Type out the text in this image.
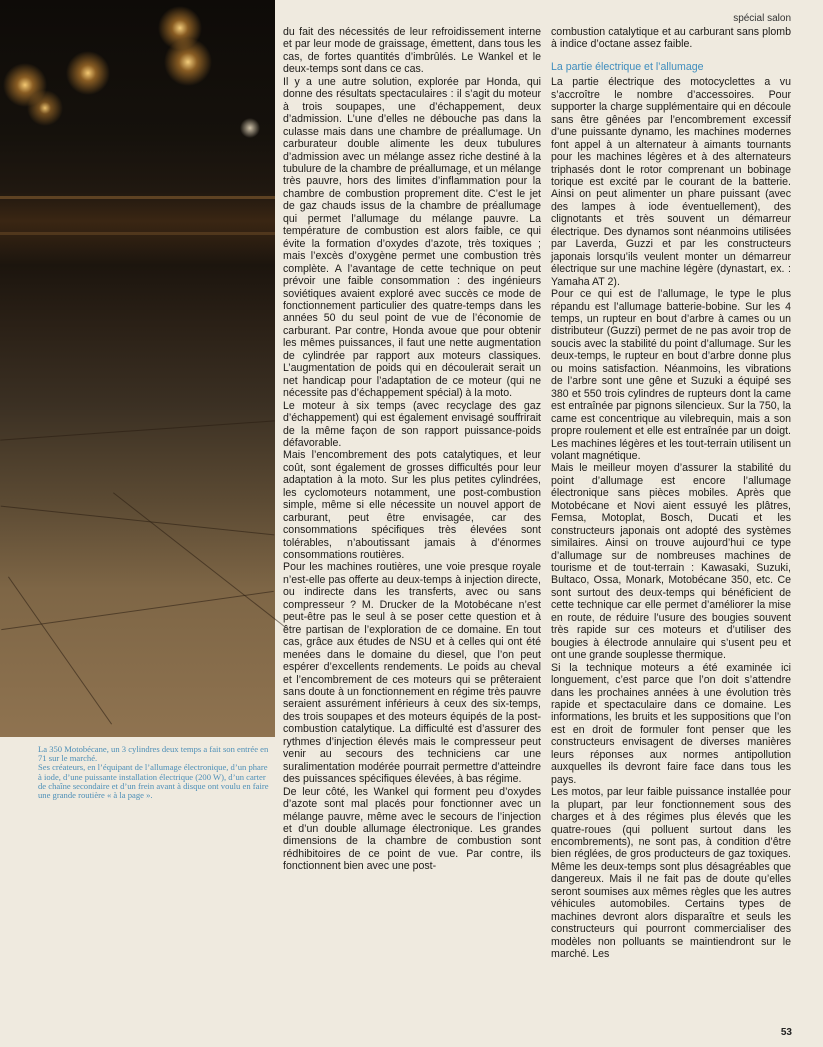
spécial salon

La 350 Motobécane, un 3 cylindres deux temps a fait son entrée en 71 sur le marché.

Ses créateurs, en l’équipant de l’allumage électronique, d’un phare à iode, d’une puissante installation électrique (200 W), d’un carter de chaîne secondaire et d’un frein avant à disque ont voulu en faire une grande routière « à la page ».

du fait des nécessités de leur refroidissement interne et par leur mode de graissage, émettent, dans tous les cas, de fortes quantités d’imbrûlés. Le Wankel et le deux-temps sont dans ce cas.

Il y a une autre solution, explorée par Honda, qui donne des résultats spectaculaires : il s’agit du moteur à trois soupapes, une d’échappement, deux d’admission. L’une d’elles ne débouche pas dans la culasse mais dans une chambre de préallumage. Un carburateur double alimente les deux tubulures d’admission avec un mélange assez riche destiné à la tubulure de la chambre de préallumage, et un mélange très pauvre, hors des limites d’inflammation pour la chambre de combustion proprement dite. C’est le jet de gaz chauds issus de la chambre de préallumage qui permet l’allumage du mélange pauvre. La température de combustion est alors faible, ce qui évite la formation d’oxydes d’azote, très toxiques ; mais l’excès d’oxygène permet une combustion très complète. A l’avantage de cette technique on peut prévoir une faible consommation : des ingénieurs soviétiques avaient exploré avec succès ce mode de fonctionnement particulier des quatre-temps dans les années 50 du seul point de vue de l’économie de carburant. Par contre, Honda avoue que pour obtenir les mêmes puissances, il faut une nette augmentation de cylindrée par rapport aux moteurs classiques. L’augmentation de poids qui en découlerait serait un net handicap pour l’adaptation de ce moteur (qui ne nécessite pas d’échappement spécial) à la moto.

Le moteur à six temps (avec recyclage des gaz d’échappement) qui est également envisagé souffrirait de la même façon de son rapport puissance-poids défavorable.

Mais l’encombrement des pots catalytiques, et leur coût, sont également de grosses difficultés pour leur adaptation à la moto. Sur les plus petites cylindrées, les cyclomoteurs notamment, une post-combustion simple, même si elle nécessite un nouvel apport de carburant, peut être envisagée, car des consommations spécifiques très élevées sont tolérables, n’aboutissant jamais à d’énormes consommations routières.

Pour les machines routières, une voie presque royale n’est-elle pas offerte au deux-temps à injection directe, ou indirecte dans les transferts, avec ou sans compresseur ? M. Drucker de la Motobécane n’est peut-être pas le seul à se poser cette question et à être partisan de l’exploration de ce domaine. En tout cas, grâce aux études de NSU et à celles qui ont été menées dans le domaine du diesel, que l’on peut espérer d’excellents rendements. Le poids au cheval et l’encombrement de ces moteurs qui se prêteraient sans doute à un fonctionnement en régime très pauvre seraient assurément inférieurs à ceux des six-temps, des trois soupapes et des moteurs équipés de la post-combustion catalytique. La difficulté est d’assurer des rythmes d’injection élevés mais le compresseur peut venir au secours des techniciens car une suralimentation modérée pourrait permettre d’atteindre des puissances spécifiques élevées, à bas régime.

De leur côté, les Wankel qui forment peu d’oxydes d’azote sont mal placés pour fonctionner avec un mélange pauvre, même avec le secours de l’injection et d’un double allumage électronique. Les grandes dimensions de la chambre de combustion sont rédhibitoires de ce point de vue. Par contre, ils fonctionnent bien avec une post-

combustion catalytique et au carburant sans plomb à indice d’octane assez faible.

La partie électrique et l’allumage

La partie électrique des motocyclettes a vu s’accroître le nombre d’accessoires. Pour supporter la charge supplémentaire qui en découle sans être gênées par l’encombrement excessif d’une puissante dynamo, les machines modernes font appel à un alternateur à aimants tournants pour les machines légères et à des alternateurs triphasés dont le rotor comprenant un bobinage torique est excité par le courant de la batterie. Ainsi on peut alimenter un phare puissant (avec des lampes à iode éventuellement), des clignotants et très souvent un démarreur électrique. Des dynamos sont néanmoins utilisées par Laverda, Guzzi et par les constructeurs japonais lorsqu’ils veulent monter un démarreur électrique sur une machine légère (dynastart, ex. : Yamaha AT 2).

Pour ce qui est de l’allumage, le type le plus répandu est l’allumage batterie-bobine. Sur les 4 temps, un rupteur en bout d’arbre à cames ou un distributeur (Guzzi) permet de ne pas avoir trop de soucis avec la stabilité du point d’allumage. Sur les deux-temps, le rupteur en bout d’arbre donne plus ou moins satisfaction. Néanmoins, les vibrations de l’arbre sont une gêne et Suzuki a équipé ses 380 et 550 trois cylindres de rupteurs dont la came est entraînée par pignons silencieux. Sur la 750, la came est concentrique au vilebrequin, mais a son propre roulement et elle est entraînée par un doigt. Les machines légères et les tout-terrain utilisent un volant magnétique.

Mais le meilleur moyen d’assurer la stabilité du point d’allumage est encore l’allumage électronique sans pièces mobiles. Après que Motobécane et Novi aient essuyé les plâtres, Femsa, Motoplat, Bosch, Ducati et les constructeurs japonais ont adopté des systèmes similaires. Ainsi on trouve aujourd’hui ce type d’allumage sur de nombreuses machines de tourisme et de tout-terrain : Kawasaki, Suzuki, Bultaco, Ossa, Monark, Motobécane 350, etc. Ce sont surtout des deux-temps qui bénéficient de cette technique car elle permet d’améliorer la mise en route, de réduire l’usure des bougies souvent très rapide sur ces moteurs et d’utiliser des bougies à électrode annulaire qui s’usent peu et ont une grande souplesse thermique.

Si la technique moteurs a été examinée ici longuement, c’est parce que l’on doit s’attendre dans les prochaines années à une évolution très rapide et spectaculaire dans ce domaine. Les informations, les bruits et les suppositions que l’on est en droit de formuler font penser que les constructeurs envisagent de diverses manières leurs réponses aux normes antipollution auxquelles ils devront faire face dans tous les pays.

Les motos, par leur faible puissance installée pour la plupart, par leur fonctionnement sous des charges et à des régimes plus élevés que les quatre-roues (qui polluent surtout dans les encombrements), ne sont pas, à condition d’être bien réglées, de gros producteurs de gaz toxiques. Même les deux-temps sont plus désagréables que dangereux. Mais il ne fait pas de doute qu’elles seront soumises aux mêmes règles que les autres véhicules automobiles. Certains types de machines devront alors disparaître et seuls les constructeurs qui pourront commercialiser des modèles non polluants se maintiendront sur le marché. Les

53
